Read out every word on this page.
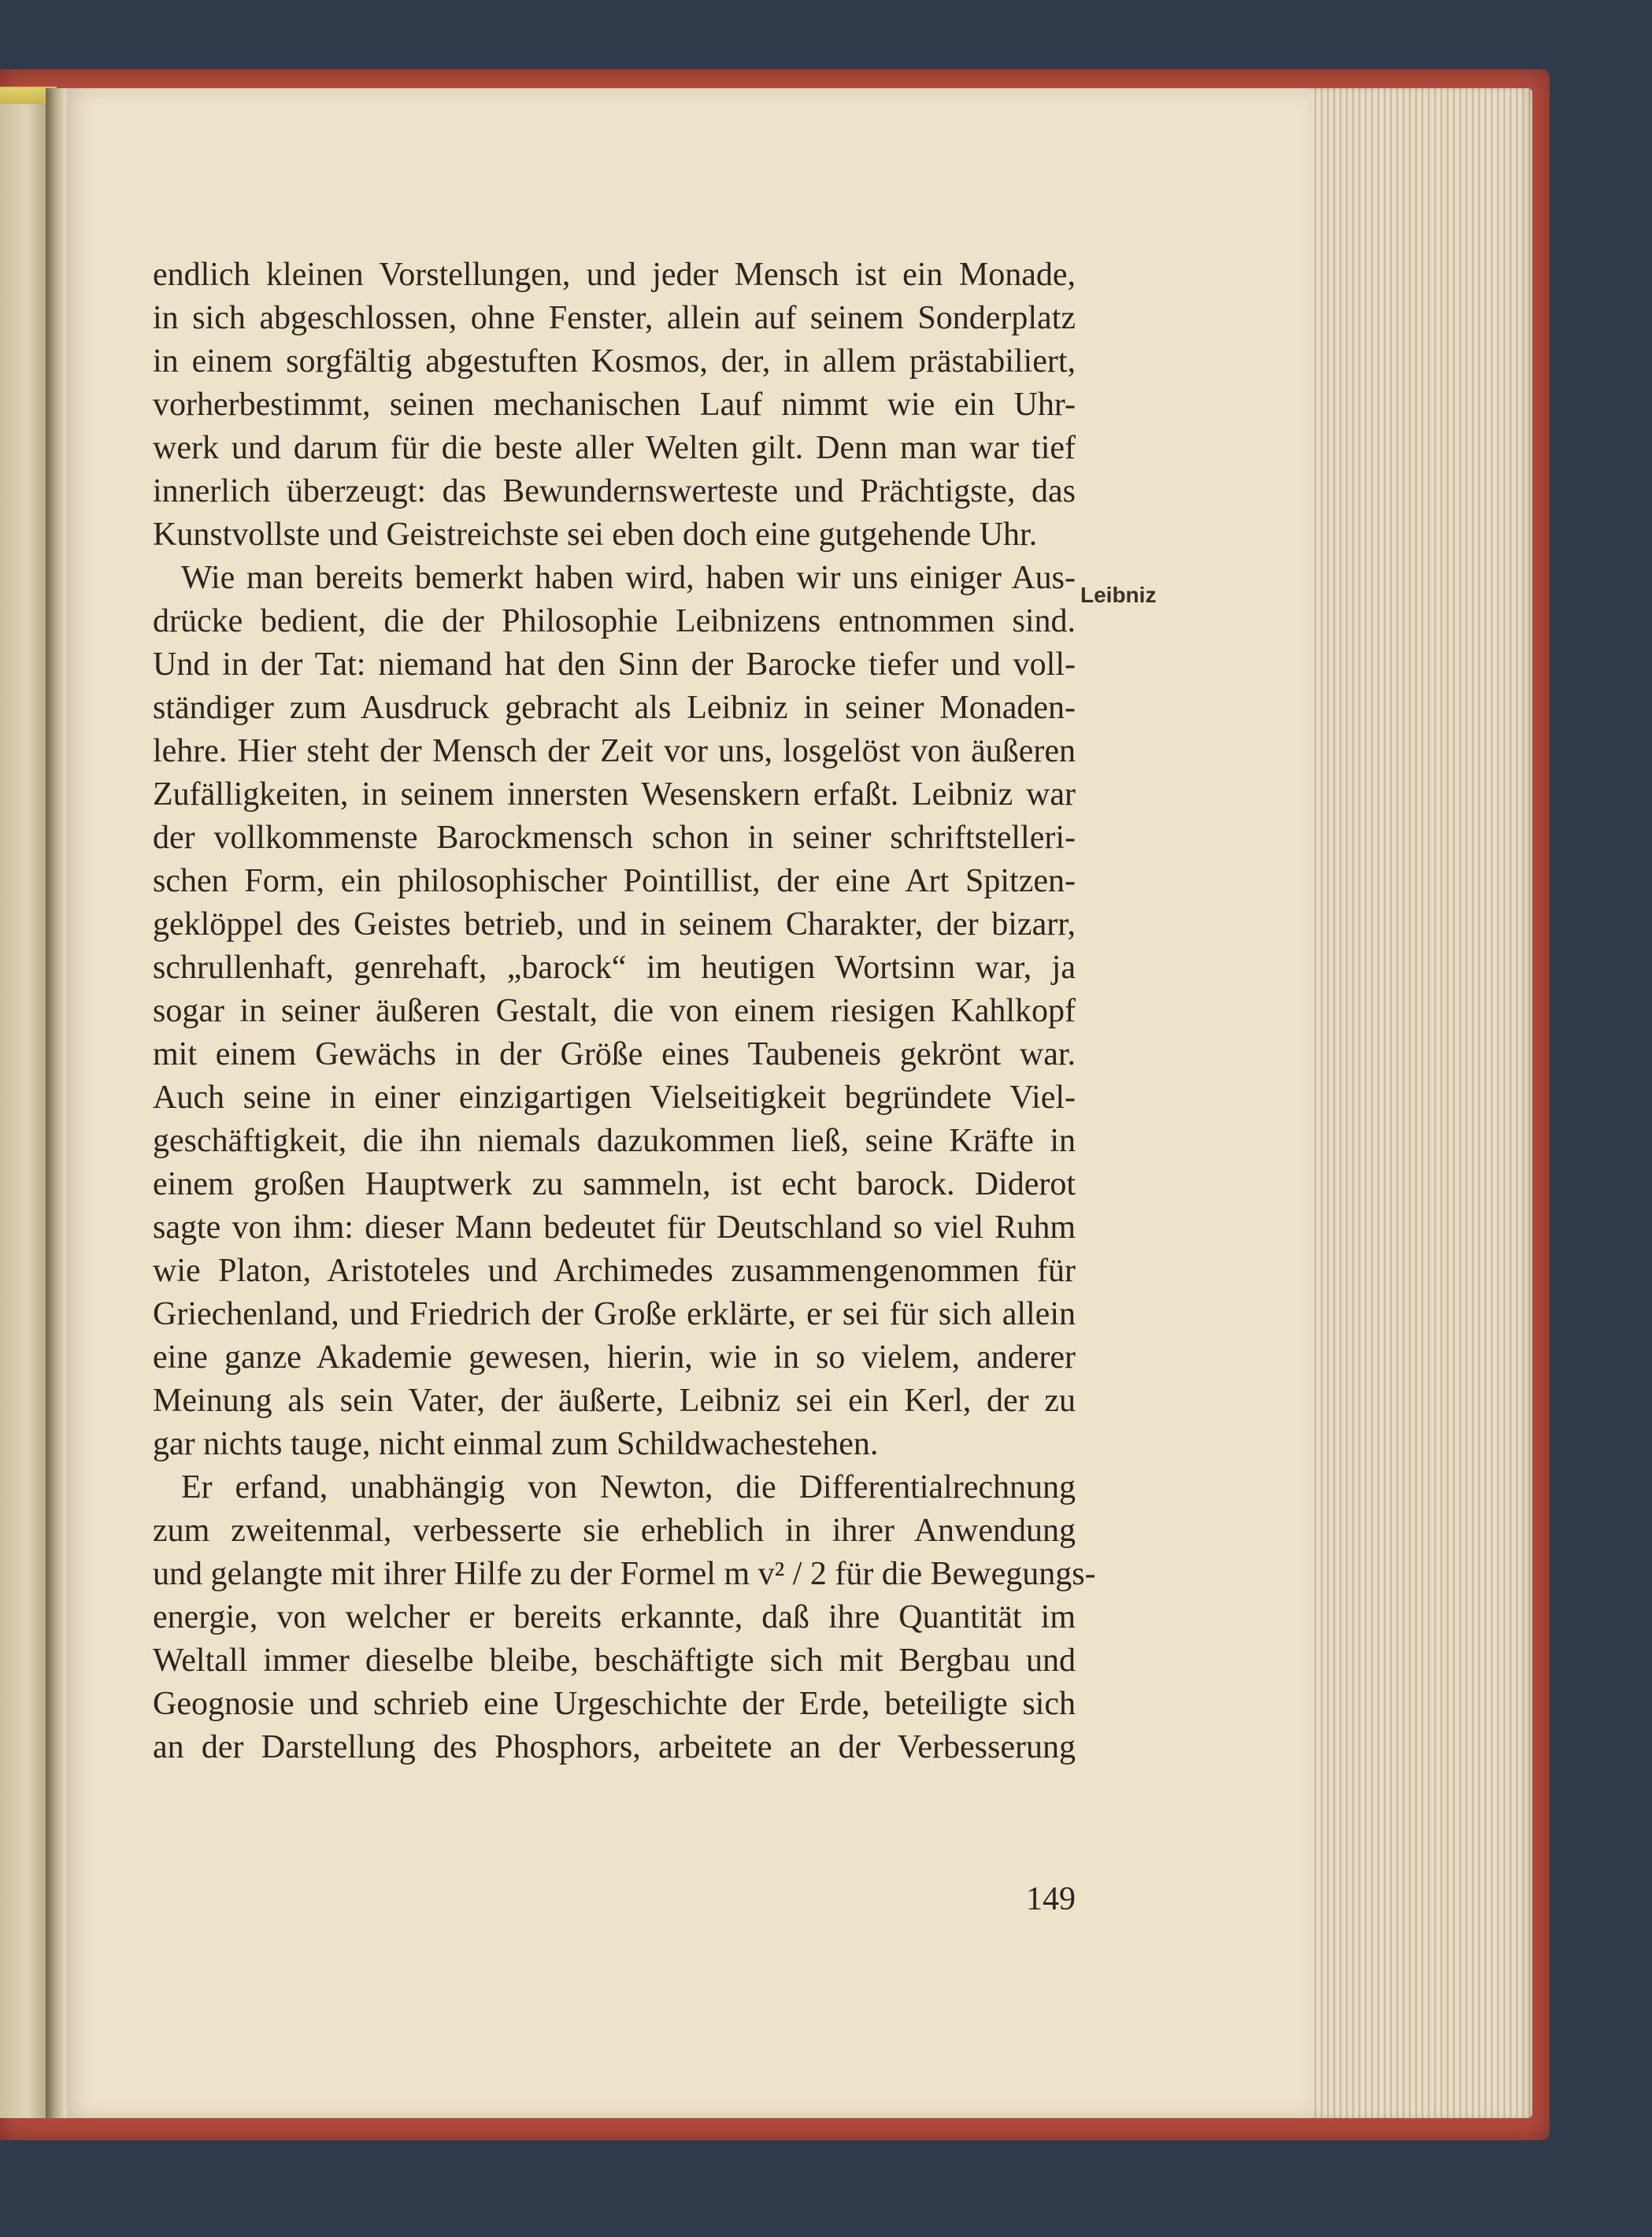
endlich kleinen Vorstellungen, und jeder Mensch ist ein Monade,
in sich abgeschlossen, ohne Fenster, allein auf seinem Sonderplatz
in einem sorgfältig abgestuften Kosmos, der, in allem prästabiliert,
vorherbestimmt, seinen mechanischen Lauf nimmt wie ein Uhr-
werk und darum für die beste aller Welten gilt. Denn man war tief
innerlich überzeugt: das Bewundernswerteste und Prächtigste, das
Kunstvollste und Geistreichste sei eben doch eine gutgehende Uhr.
Wie man bereits bemerkt haben wird, haben wir uns einiger Aus-
drücke bedient, die der Philosophie Leibnizens entnommen sind.
Und in der Tat: niemand hat den Sinn der Barocke tiefer und voll-
ständiger zum Ausdruck gebracht als Leibniz in seiner Monaden-
lehre. Hier steht der Mensch der Zeit vor uns, losgelöst von äußeren
Zufälligkeiten, in seinem innersten Wesenskern erfaßt. Leibniz war
der vollkommenste Barockmensch schon in seiner schriftstelleri-
schen Form, ein philosophischer Pointillist, der eine Art Spitzen-
geklöppel des Geistes betrieb, und in seinem Charakter, der bizarr,
schrullenhaft, genrehaft, „barock“ im heutigen Wortsinn war, ja
sogar in seiner äußeren Gestalt, die von einem riesigen Kahlkopf
mit einem Gewächs in der Größe eines Taubeneis gekrönt war.
Auch seine in einer einzigartigen Vielseitigkeit begründete Viel-
geschäftigkeit, die ihn niemals dazukommen ließ, seine Kräfte in
einem großen Hauptwerk zu sammeln, ist echt barock. Diderot
sagte von ihm: dieser Mann bedeutet für Deutschland so viel Ruhm
wie Platon, Aristoteles und Archimedes zusammengenommen für
Griechenland, und Friedrich der Große erklärte, er sei für sich allein
eine ganze Akademie gewesen, hierin, wie in so vielem, anderer
Meinung als sein Vater, der äußerte, Leibniz sei ein Kerl, der zu
gar nichts tauge, nicht einmal zum Schildwachestehen.
Er erfand, unabhängig von Newton, die Differentialrechnung
zum zweitenmal, verbesserte sie erheblich in ihrer Anwendung
und gelangte mit ihrer Hilfe zu der Formel m v² / 2 für die Bewegungs-
energie, von welcher er bereits erkannte, daß ihre Quantität im
Weltall immer dieselbe bleibe, beschäftigte sich mit Bergbau und
Geognosie und schrieb eine Urgeschichte der Erde, beteiligte sich
an der Darstellung des Phosphors, arbeitete an der Verbesserung
Leibniz
149
